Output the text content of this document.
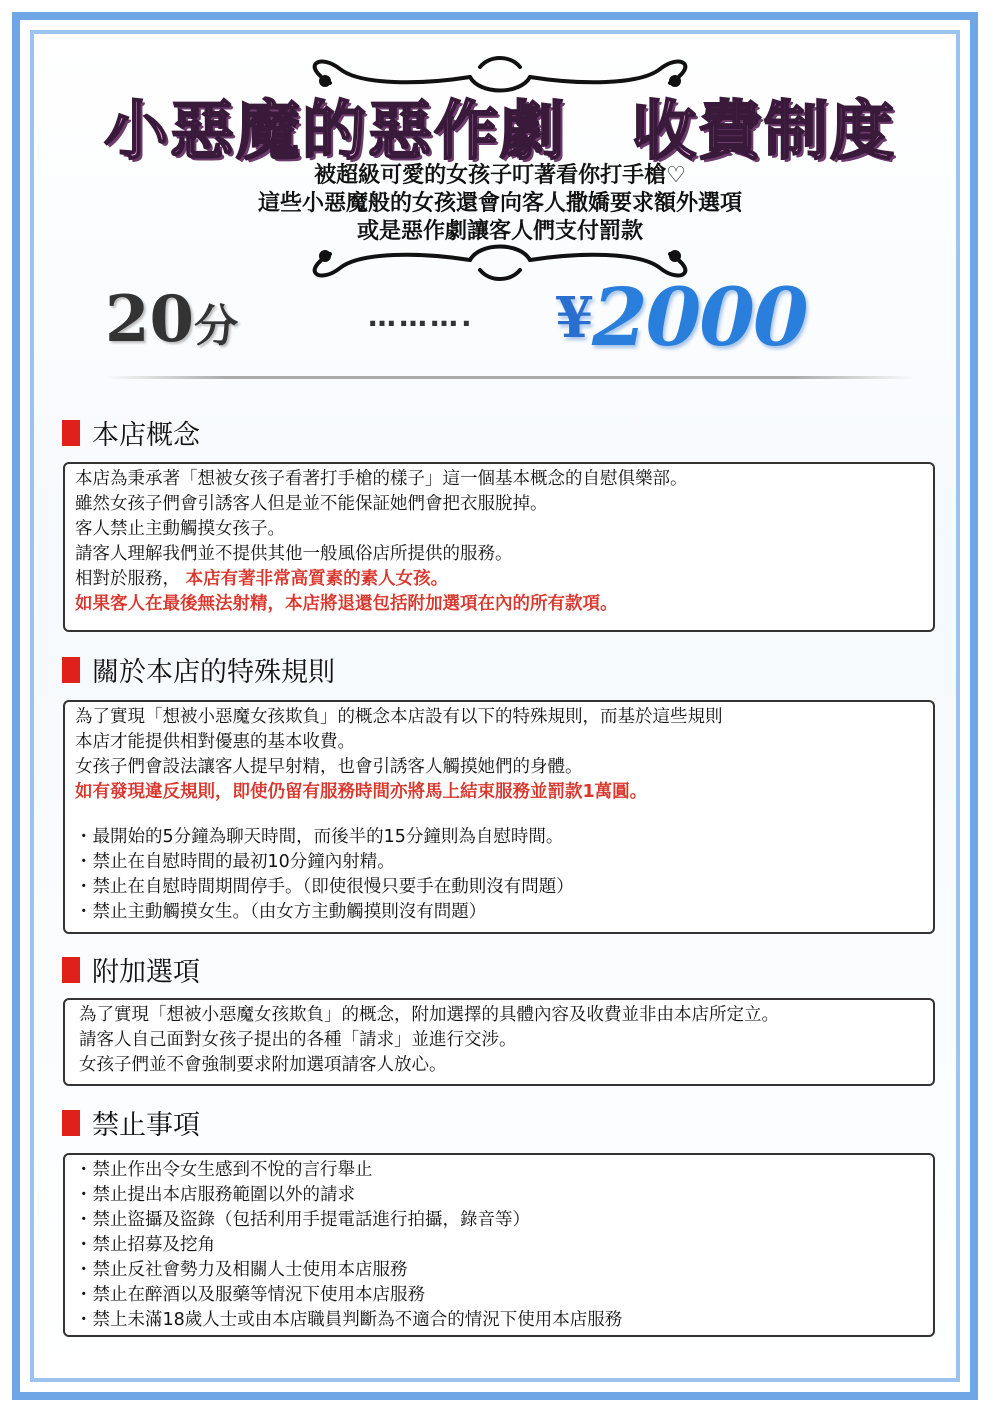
小惡魔的惡作劇　收費制度
被超級可愛的女孩子叮著看你打手槍♡
這些小惡魔般的女孩還會向客人撒嬌要求額外選項
或是惡作劇讓客人們支付罰款
20分	………. ¥2000
本店概念

本店為秉承著「想被女孩子看著打手槍的樣子」這一個基本概念的自慰俱樂部。

雖然女孩子們會引誘客人但是並不能保証她們會把衣服脫掉。

客人禁止主動觸摸女孩子。

請客人理解我們並不提供其他一般風俗店所提供的服務。

相對於服務， 本店有著非常高質素的素人女孩。

如果客人在最後無法射精，本店將退還包括附加選項在內的所有款項。

關於本店的特殊規則

為了實現「想被小惡魔女孩欺負」的概念本店設有以下的特殊規則，而基於這些規則

本店才能提供相對優惠的基本收費。

女孩子們會設法讓客人提早射精，也會引誘客人觸摸她們的身體。

如有發現違反規則，即使仍留有服務時間亦將馬上結束服務並罰款1萬圓。

・最開始的5分鐘為聊天時間，而後半的15分鐘則為自慰時間。

・禁止在自慰時間的最初10分鐘內射精。

・禁止在自慰時間期間停手。（即使很慢只要手在動則沒有問題）

・禁止主動觸摸女生。（由女方主動觸摸則沒有問題）

附加選項

為了實現「想被小惡魔女孩欺負」的概念，附加選擇的具體內容及收費並非由本店所定立。

請客人自己面對女孩子提出的各種「請求」並進行交涉。

女孩子們並不會強制要求附加選項請客人放心。

禁止事項

・禁止作出令女生感到不悅的言行舉止

・禁止提出本店服務範圍以外的請求

・禁止盜攝及盜錄（包括利用手提電話進行拍攝，錄音等）

・禁止招募及挖角

・禁止反社會勢力及相關人士使用本店服務

・禁止在醉酒以及服藥等情況下使用本店服務

・禁上未滿18歲人士或由本店職員判斷為不適合的情況下使用本店服務
